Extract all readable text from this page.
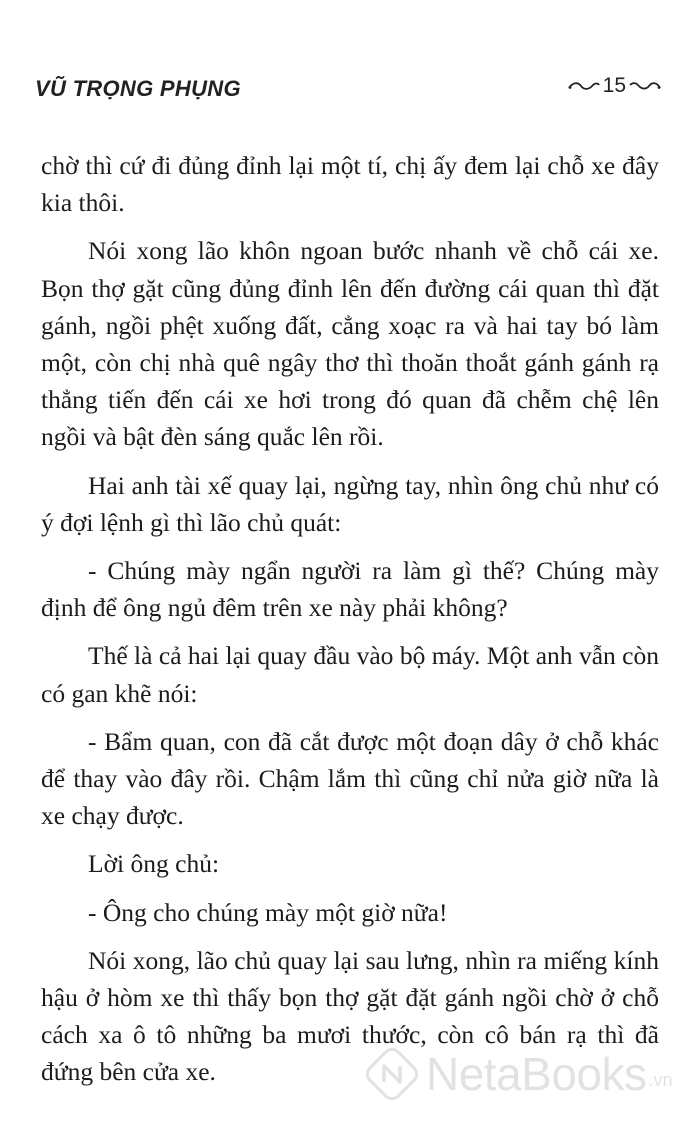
VŨ TRỌNG PHỤNG	15

chờ thì cứ đi đủng đỉnh lại một tí, chị ấy đem lại chỗ xe đây kia thôi.

Nói xong lão khôn ngoan bước nhanh về chỗ cái xe. Bọn thợ gặt cũng đủng đỉnh lên đến đường cái quan thì đặt gánh, ngồi phệt xuống đất, cẳng xoạc ra và hai tay bó làm một, còn chị nhà quê ngây thơ thì thoăn thoắt gánh gánh rạ thẳng tiến đến cái xe hơi trong đó quan đã chễm chệ lên ngồi và bật đèn sáng quắc lên rồi.

Hai anh tài xế quay lại, ngừng tay, nhìn ông chủ như có ý đợi lệnh gì thì lão chủ quát:

- Chúng mày ngẩn người ra làm gì thế? Chúng mày định để ông ngủ đêm trên xe này phải không?

Thế là cả hai lại quay đầu vào bộ máy. Một anh vẫn còn có gan khẽ nói:

- Bẩm quan, con đã cắt được một đoạn dây ở chỗ khác để thay vào đây rồi. Chậm lắm thì cũng chỉ nửa giờ nữa là xe chạy được.

Lời ông chủ:

- Ông cho chúng mày một giờ nữa!

Nói xong, lão chủ quay lại sau lưng, nhìn ra miếng kính hậu ở hòm xe thì thấy bọn thợ gặt đặt gánh ngồi chờ ở chỗ cách xa ô tô những ba mươi thước, còn cô bán rạ thì đã đứng bên cửa xe.	NetaBooks .vn
